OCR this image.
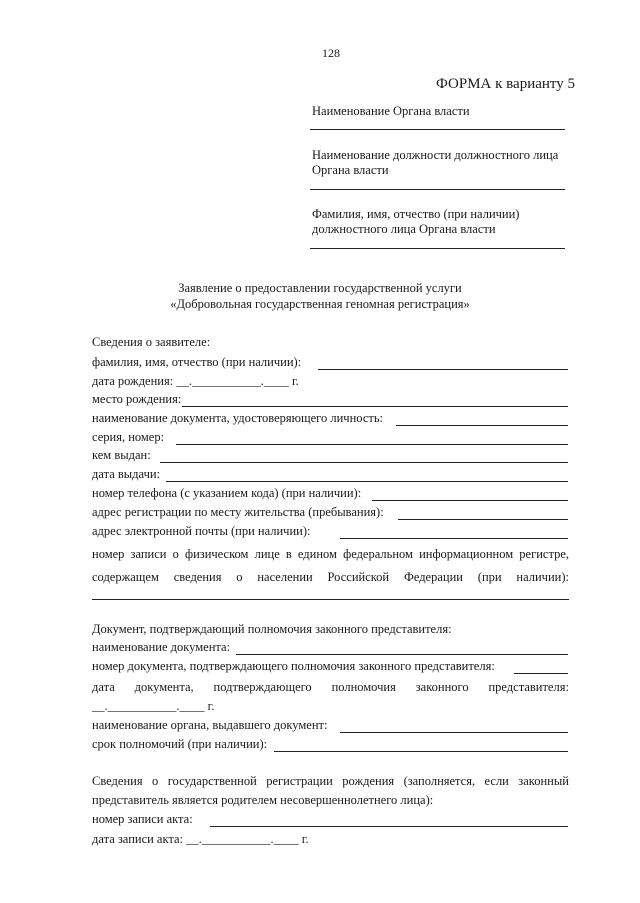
128
ФОРМА к варианту 5
Наименование Органа власти
Наименование должности должностного лица
Органа власти
Фамилия, имя, отчество (при наличии)
должностного лица Органа власти
Заявление о предоставлении государственной услуги
«Добровольная государственная геномная регистрация»
Сведения о заявителе:
фамилия, имя, отчество (при наличии):
дата рождения: __.___________.____ г.
место рождения:
наименование документа, удостоверяющего личность:
серия, номер:
кем выдан:
дата выдачи:
номер телефона (с указанием кода) (при наличии):
адрес регистрации по месту жительства (пребывания):
адрес электронной почты (при наличии):
номер записи о физическом лице в едином федеральном информационном регистре,
содержащем сведения о населении Российской Федерации (при наличии):
Документ, подтверждающий полномочия законного представителя:
наименование документа:
номер документа, подтверждающего полномочия законного представителя:
дата документа, подтверждающего полномочия законного представителя:
__.___________.____ г.
наименование органа, выдавшего документ:
срок полномочий (при наличии):
Сведения о государственной регистрации рождения (заполняется, если законный
представитель является родителем несовершеннолетнего лица):
номер записи акта:
дата записи акта: __.___________.____ г.
